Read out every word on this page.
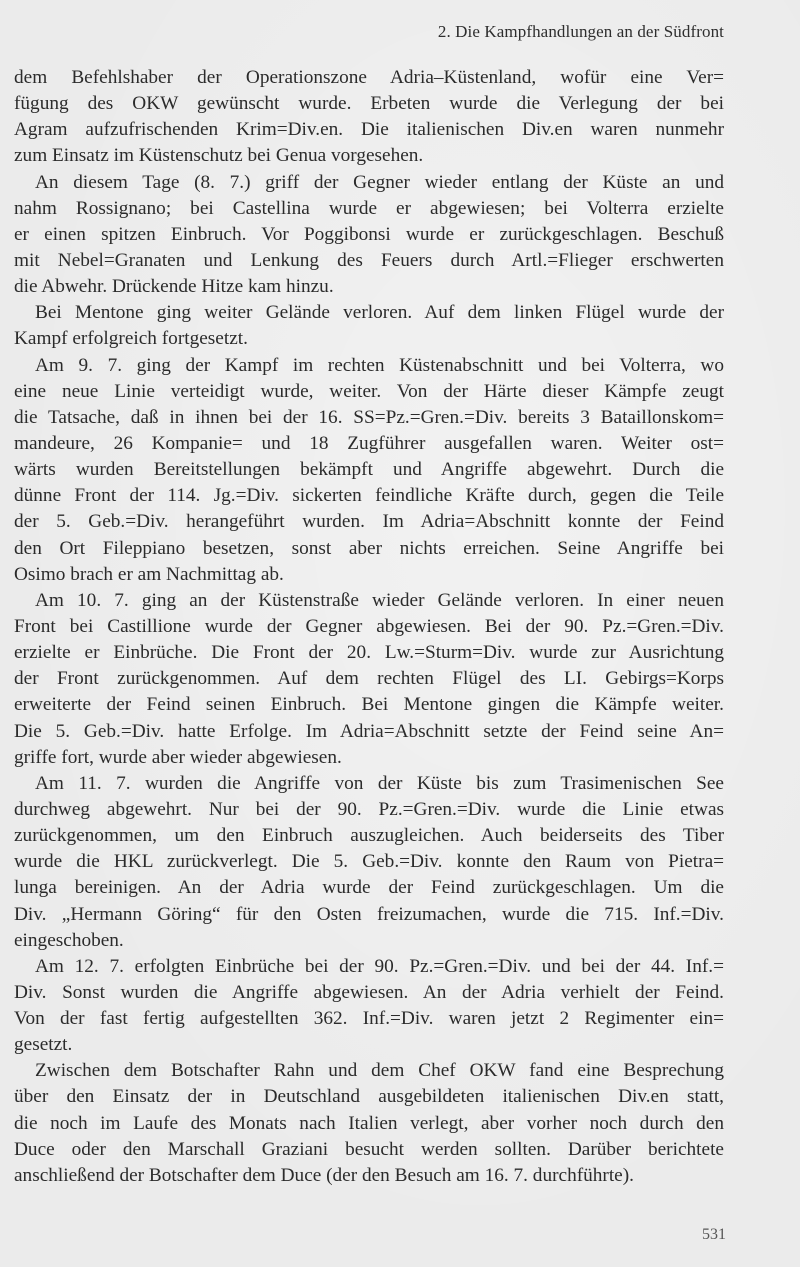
2. Die Kampfhandlungen an der Südfront
dem Befehlshaber der Operationszone Adria–Küstenland, wofür eine Ver=
fügung des OKW gewünscht wurde. Erbeten wurde die Verlegung der bei
Agram aufzufrischenden Krim=Div.en. Die italienischen Div.en waren nunmehr
zum Einsatz im Küstenschutz bei Genua vorgesehen.
An diesem Tage (8. 7.) griff der Gegner wieder entlang der Küste an und
nahm Rossignano; bei Castellina wurde er abgewiesen; bei Volterra erzielte
er einen spitzen Einbruch. Vor Poggibonsi wurde er zurückgeschlagen. Beschuß
mit Nebel=Granaten und Lenkung des Feuers durch Artl.=Flieger erschwerten
die Abwehr. Drückende Hitze kam hinzu.
Bei Mentone ging weiter Gelände verloren. Auf dem linken Flügel wurde der
Kampf erfolgreich fortgesetzt.
Am 9. 7. ging der Kampf im rechten Küstenabschnitt und bei Volterra, wo
eine neue Linie verteidigt wurde, weiter. Von der Härte dieser Kämpfe zeugt
die Tatsache, daß in ihnen bei der 16. SS=Pz.=Gren.=Div. bereits 3 Bataillonskom=
mandeure, 26 Kompanie= und 18 Zugführer ausgefallen waren. Weiter ost=
wärts wurden Bereitstellungen bekämpft und Angriffe abgewehrt. Durch die
dünne Front der 114. Jg.=Div. sickerten feindliche Kräfte durch, gegen die Teile
der 5. Geb.=Div. herangeführt wurden. Im Adria=Abschnitt konnte der Feind
den Ort Fileppiano besetzen, sonst aber nichts erreichen. Seine Angriffe bei
Osimo brach er am Nachmittag ab.
Am 10. 7. ging an der Küstenstraße wieder Gelände verloren. In einer neuen
Front bei Castillione wurde der Gegner abgewiesen. Bei der 90. Pz.=Gren.=Div.
erzielte er Einbrüche. Die Front der 20. Lw.=Sturm=Div. wurde zur Ausrichtung
der Front zurückgenommen. Auf dem rechten Flügel des LI. Gebirgs=Korps
erweiterte der Feind seinen Einbruch. Bei Mentone gingen die Kämpfe weiter.
Die 5. Geb.=Div. hatte Erfolge. Im Adria=Abschnitt setzte der Feind seine An=
griffe fort, wurde aber wieder abgewiesen.
Am 11. 7. wurden die Angriffe von der Küste bis zum Trasimenischen See
durchweg abgewehrt. Nur bei der 90. Pz.=Gren.=Div. wurde die Linie etwas
zurückgenommen, um den Einbruch auszugleichen. Auch beiderseits des Tiber
wurde die HKL zurückverlegt. Die 5. Geb.=Div. konnte den Raum von Pietra=
lunga bereinigen. An der Adria wurde der Feind zurückgeschlagen. Um die
Div. „Hermann Göring“ für den Osten freizumachen, wurde die 715. Inf.=Div.
eingeschoben.
Am 12. 7. erfolgten Einbrüche bei der 90. Pz.=Gren.=Div. und bei der 44. Inf.=
Div. Sonst wurden die Angriffe abgewiesen. An der Adria verhielt der Feind.
Von der fast fertig aufgestellten 362. Inf.=Div. waren jetzt 2 Regimenter ein=
gesetzt.
Zwischen dem Botschafter Rahn und dem Chef OKW fand eine Besprechung
über den Einsatz der in Deutschland ausgebildeten italienischen Div.en statt,
die noch im Laufe des Monats nach Italien verlegt, aber vorher noch durch den
Duce oder den Marschall Graziani besucht werden sollten. Darüber berichtete
anschließend der Botschafter dem Duce (der den Besuch am 16. 7. durchführte).
531
